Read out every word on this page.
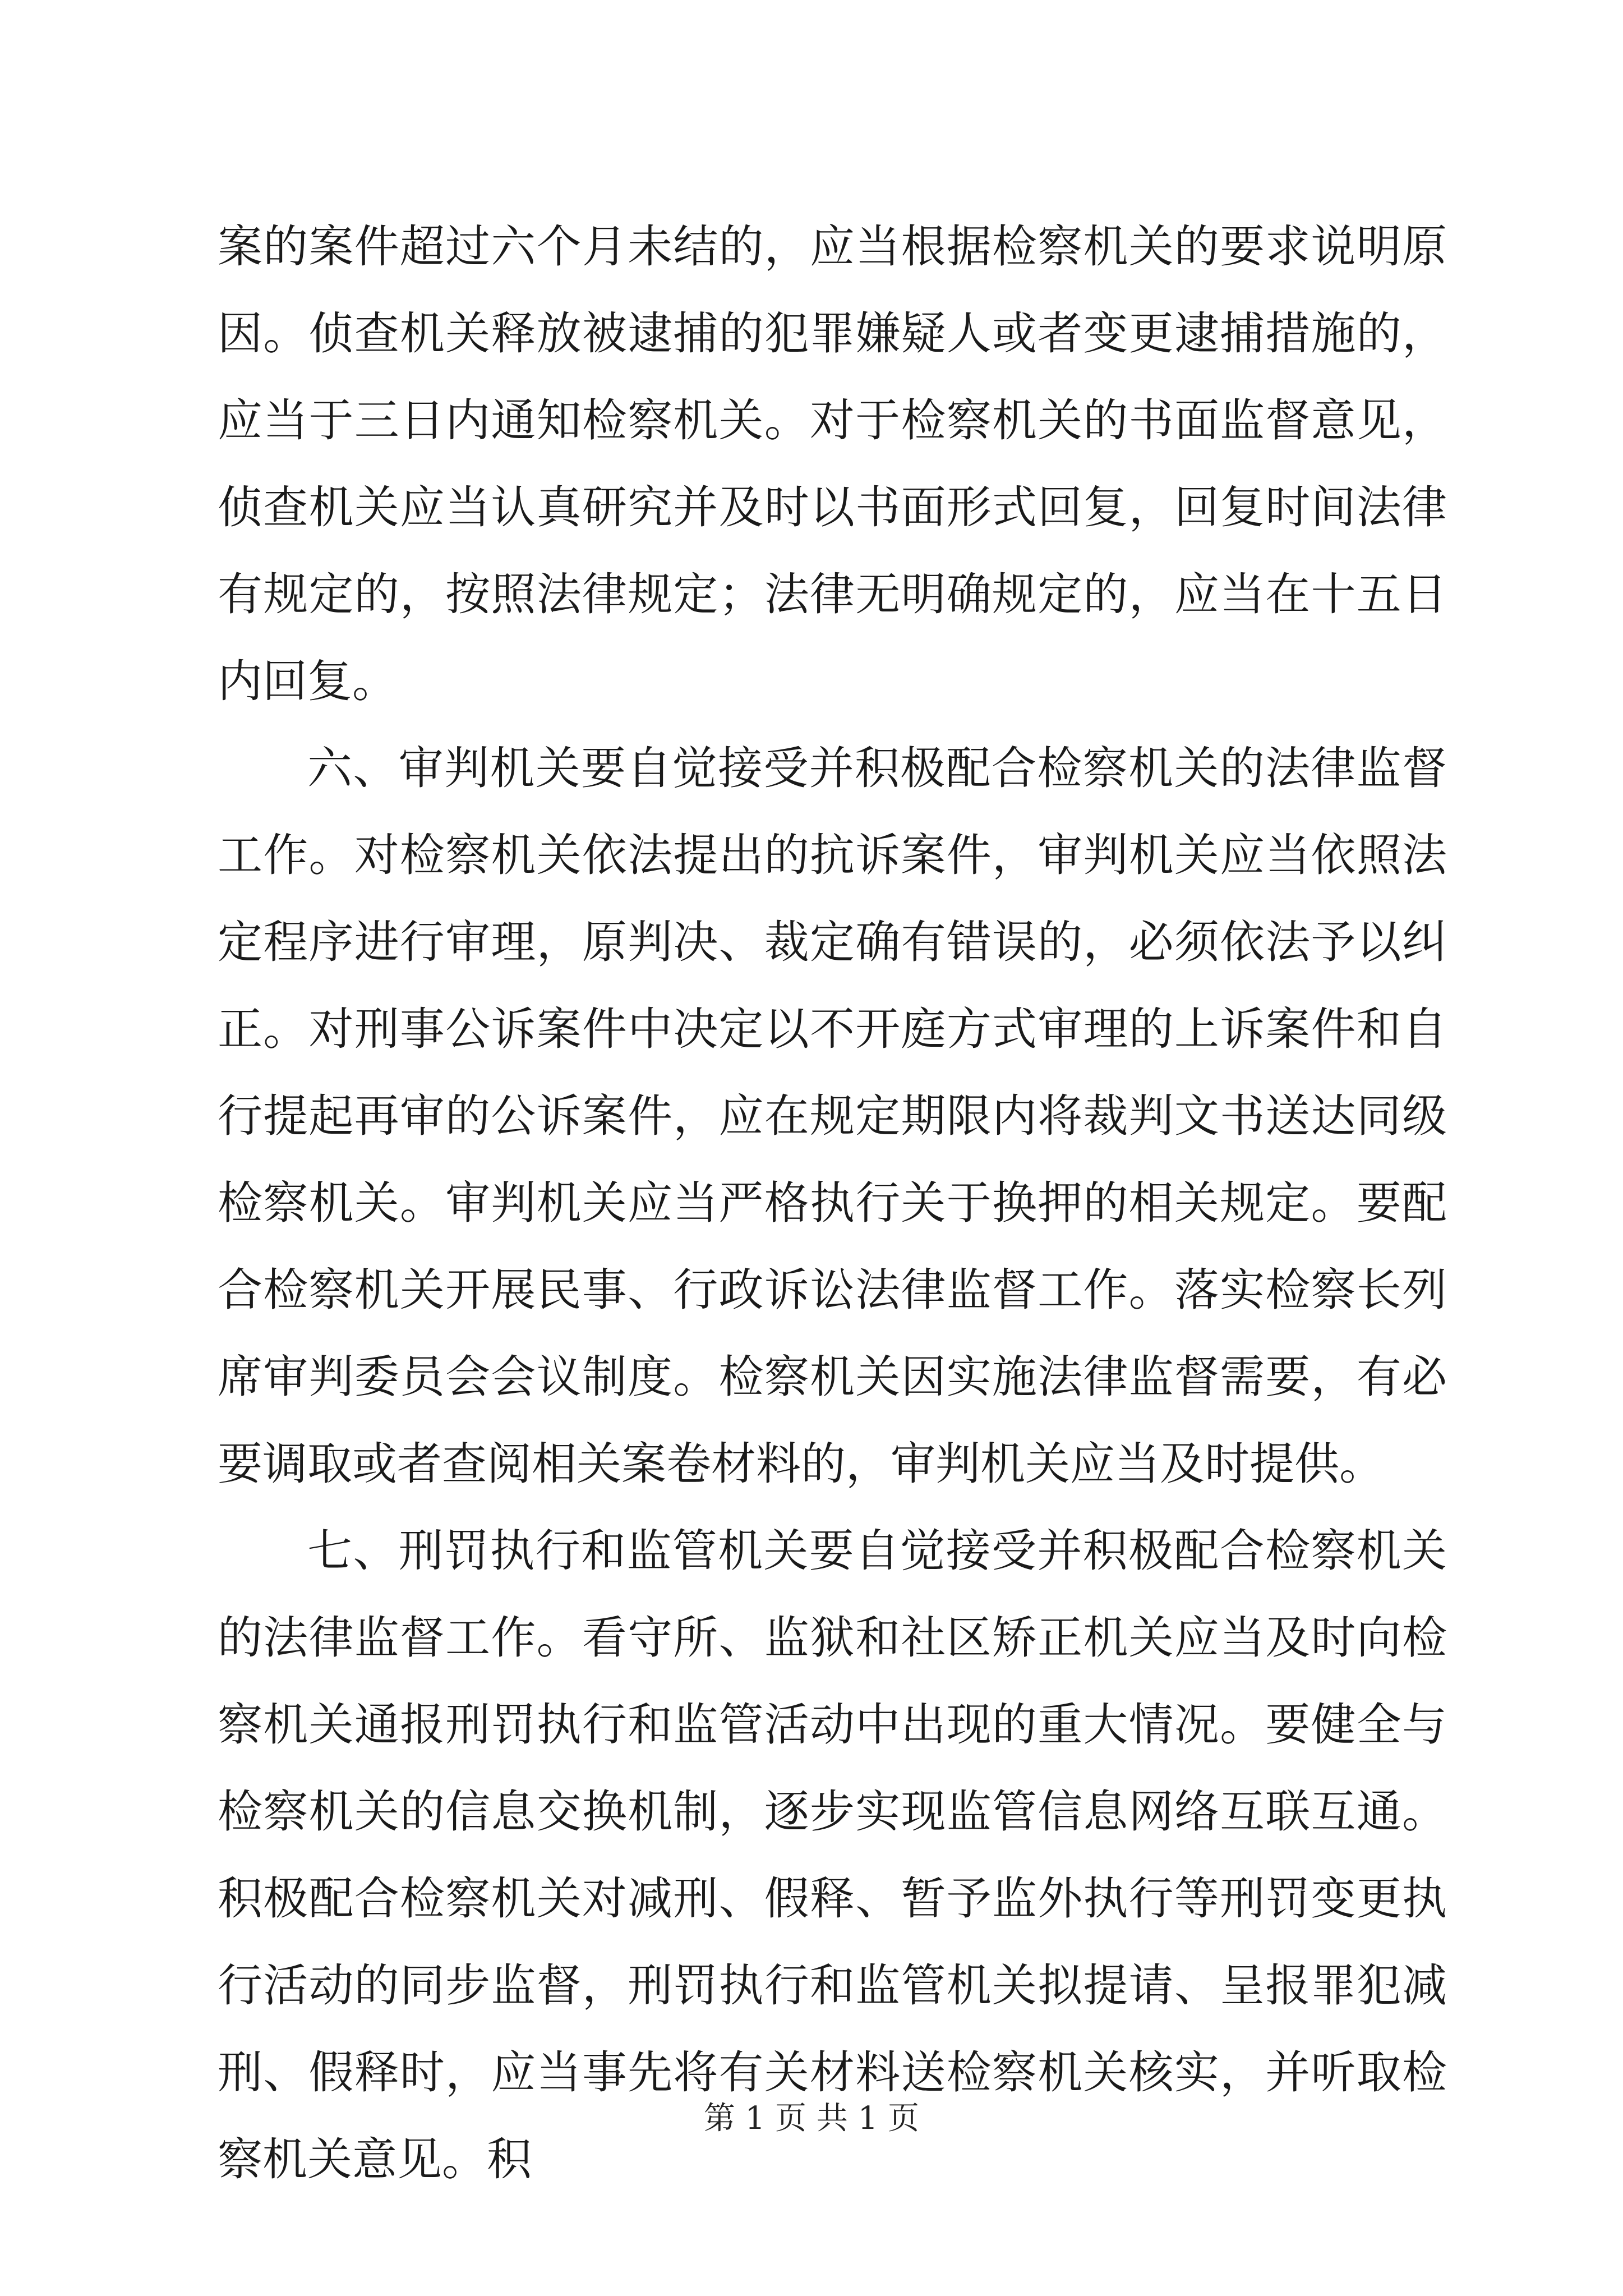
案的案件超过六个月未结的，应当根据检察机关的要求说明原因。侦查机关释放被逮捕的犯罪嫌疑人或者变更逮捕措施的，应当于三日内通知检察机关。对于检察机关的书面监督意见，侦查机关应当认真研究并及时以书面形式回复，回复时间法律有规定的，按照法律规定；法律无明确规定的，应当在十五日内回复。

六、审判机关要自觉接受并积极配合检察机关的法律监督工作。对检察机关依法提出的抗诉案件，审判机关应当依照法定程序进行审理，原判决、裁定确有错误的，必须依法予以纠正。对刑事公诉案件中决定以不开庭方式审理的上诉案件和自行提起再审的公诉案件，应在规定期限内将裁判文书送达同级检察机关。审判机关应当严格执行关于换押的相关规定。要配合检察机关开展民事、行政诉讼法律监督工作。落实检察长列席审判委员会会议制度。检察机关因实施法律监督需要，有必要调取或者查阅相关案卷材料的，审判机关应当及时提供。

七、刑罚执行和监管机关要自觉接受并积极配合检察机关的法律监督工作。看守所、监狱和社区矫正机关应当及时向检察机关通报刑罚执行和监管活动中出现的重大情况。要健全与检察机关的信息交换机制，逐步实现监管信息网络互联互通。积极配合检察机关对减刑、假释、暂予监外执行等刑罚变更执行活动的同步监督，刑罚执行和监管机关拟提请、呈报罪犯减刑、假释时，应当事先将有关材料送检察机关核实，并听取检察机关意见。积

第 1 页 共 1 页
